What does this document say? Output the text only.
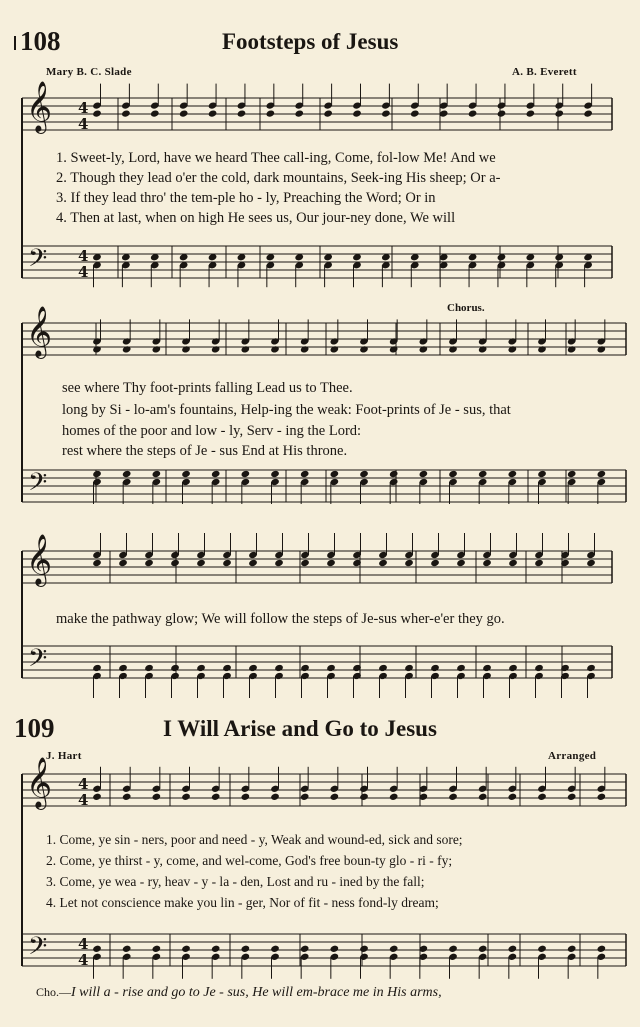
108	Footsteps of Jesus
Mary B. C. Slade	A. B. Everett
𝄞
𝄢
4
4
4
4
𝄞
𝄢
𝄞
𝄢
𝄞
𝄢
4
4
4
4
1. Sweet-ly, Lord, have we heard Thee call-ing, Come, fol-low Me! And we
2. Though they lead o'er the cold, dark mountains, Seek-ing His sheep; Or a-
3. If they lead thro' the tem-ple ho - ly, Preaching the Word; Or in
4. Then at last, when on high He sees us, Our jour-ney done, We will
Chorus.
see where Thy foot-prints falling Lead us to Thee.
long by Si - lo-am's fountains, Help-ing the weak: Foot-prints of Je - sus, that
homes of the poor and low - ly, Serv - ing the Lord:
rest where the steps of Je - sus End at His throne.
make the pathway glow; We will follow the steps of Je-sus wher-e'er they go.
109	I Will Arise and Go to Jesus
J. Hart	Arranged
1. Come, ye sin - ners, poor and need - y, Weak and wound-ed, sick and sore;
2. Come, ye thirst - y, come, and wel-come, God's free boun-ty glo - ri - fy;
3. Come, ye wea - ry, heav - y - la - den, Lost and ru - ined by the fall;
4. Let not conscience make you lin - ger, Nor of fit - ness fond-ly dream;
Cho.—I will a - rise and go to Je - sus, He will em-brace me in His arms,
